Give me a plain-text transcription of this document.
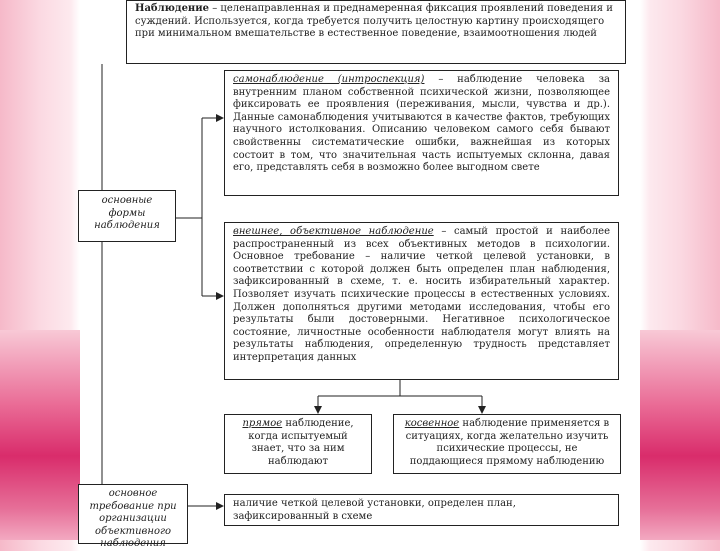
Наблюдение – целенаправленная и преднамеренная фиксация проявлений поведения и суждений. Используется, когда требуется получить целостную картину происходящего при минимальном вмешательстве в естественное поведение, взаимоотношения людей
основные формы наблюдения
самонаблюдение (интроспекция) – наблюдение человека за внутренним планом собственной психической жизни, позволяющее фиксировать ее проявления (переживания, мысли, чувства и др.). Данные самонаблюдения учитываются в качестве фактов, требующих научного истолкования. Описанию человеком самого себя бывают свойственны систематические ошибки, важнейшая из которых состоит в том, что значительная часть испытуемых склонна, давая его, представлять себя в возможно более выгодном свете
внешнее, объективное наблюдение – самый простой и наиболее распространенный из всех объективных методов в психологии. Основное требование – наличие четкой целевой установки, в соответствии с которой должен быть определен план наблюдения, зафиксированный в схеме, т. е. носить избирательный характер. Позволяет изучать психические процессы в естественных условиях. Должен дополняться другими методами исследования, чтобы его результаты были достоверными. Негативное психологическое состояние, личностные особенности наблюдателя могут влиять на результаты наблюдения, определенную трудность представляет интерпретация данных
прямое наблюдение, когда испытуемый знает, что за ним наблюдают
косвенное наблюдение применяется в ситуациях, когда желательно изучить психические процессы, не поддающиеся прямому наблюдению
основное требование при организации объективного наблюдения
наличие четкой целевой установки, определен план, зафиксированный в схеме
